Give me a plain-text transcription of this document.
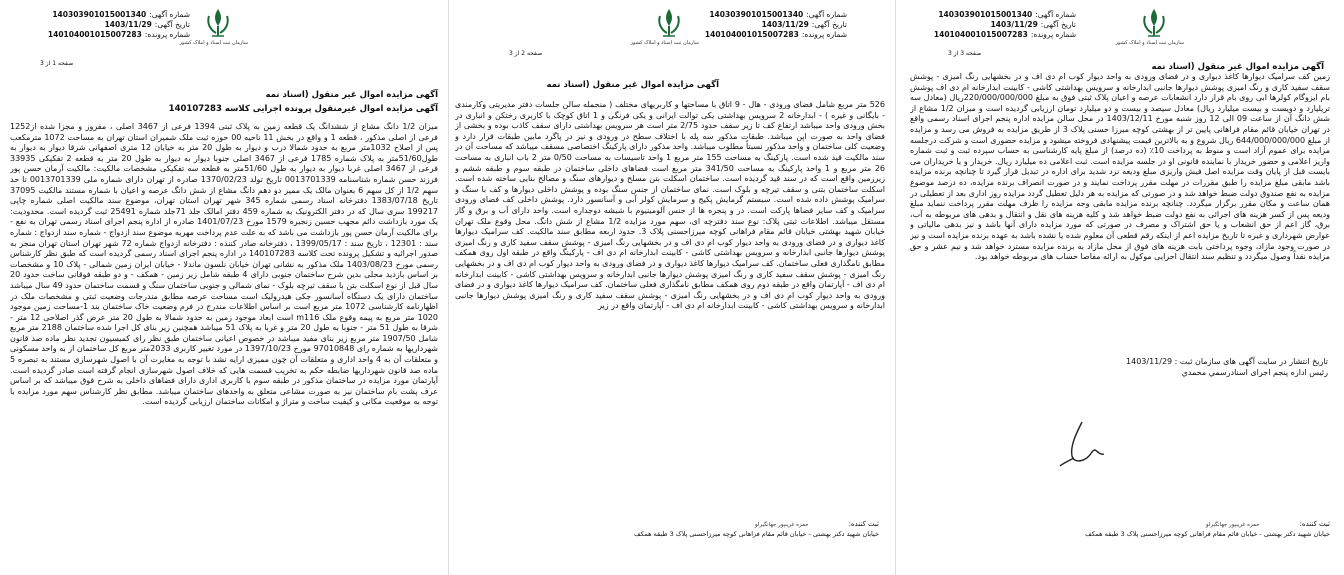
شماره آگهی:140303901015001340
تاریخ آگهی:1403/11/29
شماره پرونده:140104001015007283
سازمان ثبت اسناد و املاک کشور
صفحه 3 از 3
آگهی مزایده اموال غیر منقول (اسناد نمه
زمین کف سرامیک دیوارها کاغذ دیواری و در فضای ورودی به واحد دیوار کوب ام دی اف و در بخشهایی رنگ امیزی - پوشش سقف سفید کاری و رنگ امیزی پوشش دیوارها جانبی ابدارخانه و سرویس بهداشتی کاشی - کابینت ابدارخانه ام دی اف پوشش بام ایزوگام کولرها ابی روی بام قرار دارد انشعابات عرصه و اعیان پلاک ثبتی فوق به مبلغ 220/000/000/000ریال (معادل سه تریلیارد و دویست و بیست میلیارد ریال) معادل سیصد و بیست و دو میلیارد تومان ارزیابی گردیده است و میزان 1/2 مشاع از شش دانگ آن از ساعت 09 الی 12 روز شنبه مورخ 1403/12/11 در محل سالن مزایده اداره پنجم اجرای اسناد رسمی واقع در تهران خیابان قائم مقام فراهانی پایین تر از بهشتی کوچه میرزا حسنی پلاک 3 از طریق مزایده به فروش می رسد و مزایده از مبلغ 644/000/000/000 ریال شروع و به بالاترین قیمت پیشنهادی فروخته میشود و مزایده حضوری است و شرکت درجلسه مزایده برای عموم آزاد است و منوط به پرداخت 10٪ (ده درصد) از مبلغ پایه کارشناسی به حساب سپرده ثبت و ثبت شماره واریز اعلامی و حضور خریدار با نماینده قانونی او در جلسه مزایده است. ثبت اعلامی ده میلیارد ریال. خریدار و یا خریداران می بایست قبل از پایان وقت مزایده اصل فیش واریزی مبلغ ودیعه نزد شدید برای اداره در تبدیل قرار گیرد تا چنانچه برنده مزایده باشد مابقی مبلغ مزایده را طبق مقررات در مهلت مقرر پرداخت نمایند و در صورت انصراف برنده مزایده، ده درصد موضوع مزایده به نفع صندوق دولت ضبط خواهد شد و در صورتی که مزایده به هر دلیل تعطیل گردد مزایده روز اداری بعد از تعطیلی در همان ساعت و مکان مقرر برگزار میگردد. چنانچه برنده مزایده مابقی وجه مزایده را ظرف مهلت مقرر پرداخت ننماید مبلغ ودیعه پس از کسر هزینه های اجرائی به نفع دولت ضبط خواهد شد و کلیه هزینه های نقل و انتقال و بدهی های مربوطه به آب، برق، گاز اعم از حق انشعاب و یا حق اشتراک و مصرف در صورتی که مورد مزایده دارای آنها باشد و نیز بدهی مالیاتی و عوارض شهرداری و غیره تا تاریخ مزایده اعم از اینکه رقم قطعی آن معلوم شده یا نشده باشد به عهده برنده مزایده است و نیز در صورت وجود مازاد، وجوه پرداختی بابت هزینه های فوق از محل مازاد به برنده مزایده مسترد خواهد شد و نیم عشر و حق مزایده نقداً وصول میگردد و تنظیم سند انتقال اجرایی موکول به ارائه مفاصا حساب های مربوطه خواهد بود.
تاریخ انتشار در سایت آگهی های سازمان ثبت : 1403/11/29
رئیس اداره پنجم اجرای اسنادرسمي محمدي
ثبت کننده:حمزه غریبپور جهانگیرلو
خیابان شهید دکتر بهشتی - خیابان قائم مقام فراهانی کوچه میرزاحسنی پلاک 3 طبقه همکف
شماره آگهی:140303901015001340
تاریخ آگهی:1403/11/29
شماره پرونده:140104001015007283
سازمان ثبت اسناد و املاک کشور
صفحه 2 از 3
آگهی مزایده اموال غیر منقول (اسناد نمه
526 متر مربع شامل فضای ورودی - هال - 9 اتاق با مساحتها و کاربریهای مختلف ( منجمله سالن جلسات دفتر مدیریتی وکارمندی - بایگانی و غیره ) - ابدارخانه 2 سرویس بهداشتی یکی توالت ایرانی و یکی فرنگی و 1 اتاق کوچک با کاربری رختکن و انباری در بخش ورودی واحد میباشد ارتفاع کف تا زیر سقف حدود 2/75 متر است هر سرویس بهداشتی دارای سقف کاذب بوده و بخشی از فضای واحد به صورت اپن میباشد. طبقات مذکور سه پله با اختلاف سطح در ورودی و نیز در پاگرد مابین طبقات قرار دارد و وضعیت کلی ساختمان و واحد مذکور نسبتاً مطلوب میباشد. واحد مذکور دارای پارکینگ اختصاصی مسقف میباشد که مساحت آن در سند مالکیت قید شده است. پارکینگ به مساحت 155 متر مربع 1 واحد تاسیسات به مساحت 0/50 متر 2 باب انباری به مساحت 26 متر مربع و 1 واحد پارکینگ به مساحت 341/50 متر مربع است فضاهای داخلی ساختمان در طبقه سوم و طبقه ششم و زیرزمین واقع است که در سند قید گردیده است. ساختمان اسکلت بتن مسلح و دیوارهای سنگ و مصالح بنایی ساخته شده است. اسکلت ساختمان بتنی و سقف تیرچه و بلوک است. نمای ساختمان از جنس سنگ بوده و پوشش داخلی دیوارها و کف با سنگ و سرامیک پوشش داده شده است. سیستم گرمایش پکیج و سرمایش کولر آبی و آسانسور دارد. پوشش داخلی کف فضای ورودی سرامیک و کف سایر فضاها پارکت است. در و پنجره ها از جنس آلومینیوم با شیشه دوجداره است. واحد دارای آب و برق و گاز مستقل میباشد. اطلاعات ثبتی پلاک: نوع سند دفترچه ای، سهم مورد مزایده 1/2 مشاع از شش دانگ. محل وقوع ملک تهران خیابان شهید بهشتی خیابان قائم مقام فراهانی کوچه میرزاحسنی پلاک 3. حدود اربعه مطابق سند مالکیت. کف سرامیک دیوارها کاغذ دیواری و در فضای ورودی به واحد دیوار کوب ام دی اف و در بخشهایی رنگ امیزی - پوشش سقف سفید کاری و رنگ امیزی پوشش دیوارها جانبی ابدارخانه و سرویس بهداشتی کاشی - کابینت ابدارخانه ام دی اف - پارکینگ واقع در طبقه اول روی همکف مطابق نامگذاری فعلی ساختمان. کف سرامیک دیوارها کاغذ دیواری و در فضای ورودی به واحد دیوار کوب ام دی اف و در بخشهایی رنگ امیزی - پوشش سقف سفید کاری و رنگ امیزی پوشش دیوارها جانبی ابدارخانه و سرویس بهداشتی کاشی - کابینت ابدارخانه ام دی اف - آپارتمان واقع در طبقه دوم روی همکف مطابق نامگذاری فعلی ساختمان. کف سرامیک دیوارها کاغذ دیواری و در فضای ورودی به واحد دیوار کوب ام دی اف و در بخشهایی رنگ امیزی - پوشش سقف سفید کاری و رنگ امیزی پوشش دیوارها جانبی ابدارخانه و سرویس بهداشتی کاشی - کابینت ابدارخانه ام دی اف - آپارتمان واقع در زیر
ثبت کننده:حمزه غریبپور جهانگیرلو
خیابان شهید دکتر بهشتی - خیابان قائم مقام فراهانی کوچه میرزاحسنی پلاک 3 طبقه همکف
شماره آگهی:140303901015001340
تاریخ آگهی:1403/11/29
شماره پرونده:140104001015007283
سازمان ثبت اسناد و املاک کشور
صفحه 1 از 3
آگهی مزایده اموال غیر منقول (اسناد نمه
آگهی مزایده اموال غیرمنقول پرونده اجرایی کلاسه 140107283
میزان 1/2 دانگ مشاع از ششدانگ یک قطعه زمین به پلاک ثبتی 1394 فرعی از 3467 اصلی ، مفروز و مجزا شده از1252 فرعی از اصلی مذکور ، قطعه 1 و واقع در بخش 11 ناحیه 00 حوزه ثبت ملک شمیران استان تهران به مساحت 1072 مترمکعب پس از اصلاح 1032متر مربع به حدود شمالا درب و دیوار به طول 20 متر به خیابان 12 متری اصفهانی شرقا دیوار به دیوار به طول51/60متر به پلاک شماره 1785 فرعی از 3467 اصلی جنوبا دیوار به دیوار به طول 20 متر به قطعه 2 تفکیکی 33935 فرعی از 3467 اصلی غربا دیوار به دیوار به طول 51/60متر به قطعه سه تفکیکی مشخصات مالکیت: مالکیت آرمان حسن پور فرزند حسن شماره شناسنامه 0013701339 تاریخ تولد 1370/02/23 صادره از تهران دارای شماره ملی 0013701339 تا حد سهم 1/2 از کل سهم 6 بعنوان مالک یک ممیز دو دهم دانگ مشاع از شش دانگ عرصه و اعیان با شماره مستند مالکیت 37095 تاریخ 1383/07/18 دفترخانه اسناد رسمی شماره 345 شهر تهران استان تهران، موضوع سند مالکیت اصلی شماره چاپی 199217 سری سال که در دفتر الکترونیک به شماره 459 دفتر امالک جلد 71جلد شماره 25491 ثبت گردیده است. محدودیت: یک مورد بازداشت دائم مجهب حسین زنجیره 1579 مورخ 1401/07/23 صادره از اداره پنجم اجرای اسناد رسمی تهران به نفع - برای مالکیت آرمان حسن پور بازداشت می باشد که به علت عدم پرداخت مهریه موضوع سند ازدواج - شماره سند ازدواج : شماره سند : 12301 ، تاریخ سند : 1399/05/17 ، دفترخانه صادر کننده : دفترخانه ازدواج شماره 72 شهر تهران استان تهران منجر به صدور اجرائیه و تشکیل پرونده تحت کلاسه 140107283 در اداره پنجم اجرای اسناد رسمی گردیده است که طبق نظر کارشناس رسمی مورخ 1403/08/23 ملک مذکور به نشانی تهران خیابان نلسون ماندلا - خیابان ایران زمین شمالی - پلاک 10 و مشخصات بر اساس بازدید محلی بدین شرح ساختمان جنوبی دارای 4 طبقه شامل زیر زمین - همکف - و دو طبقه فوقانی ساخت حدود 20 سال قبل از نوع اسکلت بتن با سقف تیرچه بلوک - نمای شمالی و جنوبی ساختمان سنگ و قسمت ساختمان حدود 49 سال میباشد ساختمان دارای یک دستگاه آسانسور جکی هیدرولیک است مساحت عرصه مطابق مندرجات وضعیت ثبتی و مشخصات ملک در اظهارنامه کارشناسی 1072 متر مربع است بر اساس اطلاعات مندرج در فرم وضعیت خاک ساختمان بند 1-مساحت زمین موجود 1020 متر مربع به پیمه وقوع ملک m116 است ابعاد موجود زمین به حدود شمالا به طول 20 متر عرض گذر اصلاحی 12 متر - شرقا به طول 51 متر - جنوبا به طول 20 متر و غربا به پلاک 51 میباشد همچنین زیر بنای کل اجرا شده ساختمان 2188 متر مربع شامل 1907/50 متر مربع زیر بنای مفید میباشد در خصوص اعیانی ساختمان طبق نظر رای کمیسیون تجدید نظر ماده صد قانون شهرداریها به شماره رای 97010848 مورخ 1397/10/23 در مورد تغییر کاربری 2033متر مربع کل ساختمان از به واحد مسکونی و متعلقات آن به 4 واحد اداری و متعلقات آن چون ممیزی ارایه نشد با توجه به مغایرت آن با اصول شهرسازی مستند به تبصره 5 ماده صد قانون شهرداریها ضابطه حکم به تخریب قسمت هایی که خلاف اصول شهرسازی انجام گرفته است صادر گردیده است. آپارتمان مورد مزایده در ساختمان مذکور در طبقه سوم با کاربری اداری دارای فضاهای داخلی به شرح فوق میباشد که بر اساس عرف پشت بام ساختمان نیز به صورت مشاعی متعلق به واحدهای ساختمان میباشد. مطابق نظر کارشناس سهم مورد مزایده با توجه به موقعیت مکانی و کیفیت ساخت و متراژ و امکانات ساختمان ارزیابی گردیده است.
